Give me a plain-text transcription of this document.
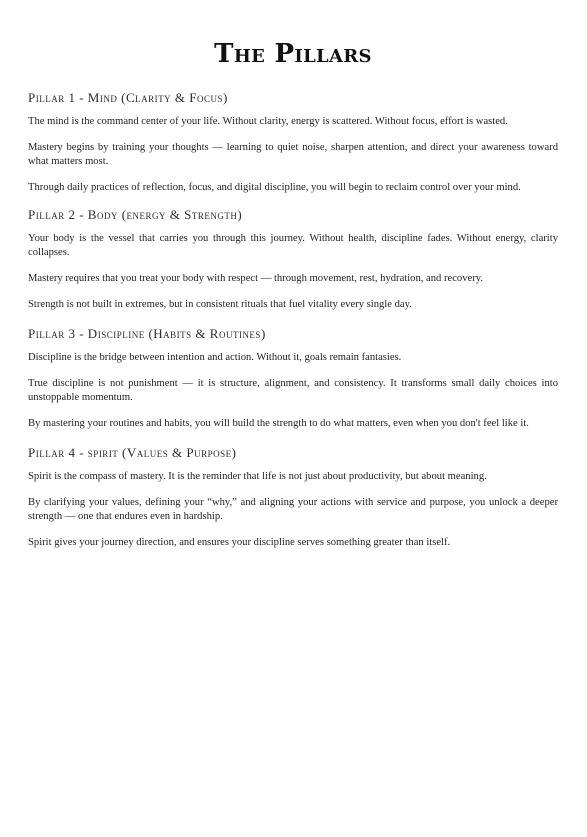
The Pillars
Pillar 1 - Mind (Clarity & Focus)

The mind is the command center of your life. Without clarity, energy is scattered. Without focus, effort is wasted.

Mastery begins by training your thoughts — learning to quiet noise, sharpen attention, and direct your awareness toward what matters most.

Through daily practices of reflection, focus, and digital discipline, you will begin to reclaim control over your mind.

Pillar 2 - Body (energy & Strength)

Your body is the vessel that carries you through this journey. Without health, discipline fades. Without energy, clarity collapses.

Mastery requires that you treat your body with respect — through movement, rest, hydration, and recovery.

Strength is not built in extremes, but in consistent rituals that fuel vitality every single day.

Pillar 3 - Discipline (Habits & Routines)

Discipline is the bridge between intention and action. Without it, goals remain fantasies.

True discipline is not punishment — it is structure, alignment, and consistency. It transforms small daily choices into unstoppable momentum.

By mastering your routines and habits, you will build the strength to do what matters, even when you don't feel like it.

Pillar 4 - spirit (Values & Purpose)

Spirit is the compass of mastery. It is the reminder that life is not just about productivity, but about meaning.

By clarifying your values, defining your “why,” and aligning your actions with service and purpose, you unlock a deeper strength — one that endures even in hardship.

Spirit gives your journey direction, and ensures your discipline serves something greater than itself.
